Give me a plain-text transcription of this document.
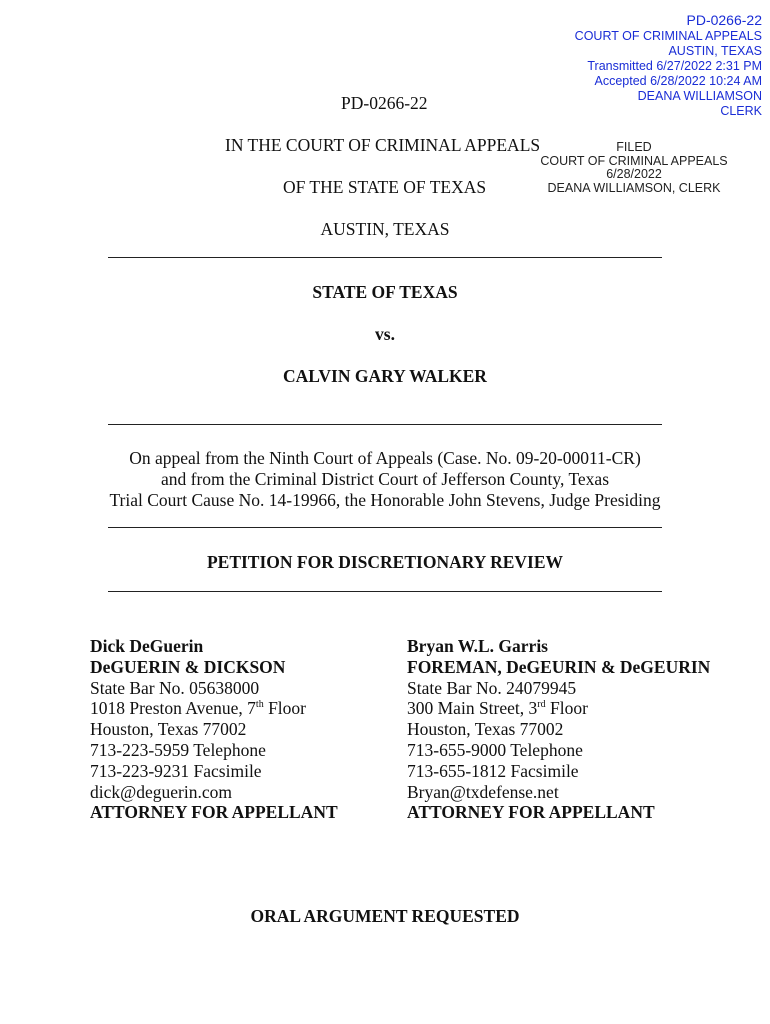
PD-0266-22
COURT OF CRIMINAL APPEALS
AUSTIN, TEXAS
Transmitted 6/27/2022 2:31 PM
Accepted 6/28/2022 10:24 AM
DEANA WILLIAMSON
CLERK
FILED
COURT OF CRIMINAL APPEALS
6/28/2022
DEANA WILLIAMSON, CLERK
PD-0266-22
IN THE COURT OF CRIMINAL APPEALS
OF THE STATE OF TEXAS
AUSTIN, TEXAS
STATE OF TEXAS
vs.
CALVIN GARY WALKER
On appeal from the Ninth Court of Appeals (Case. No. 09-20-00011-CR)
and from the Criminal District Court of Jefferson County, Texas
Trial Court Cause No. 14-19966, the Honorable John Stevens, Judge Presiding
PETITION FOR DISCRETIONARY REVIEW
Dick DeGuerin
DeGUERIN & DICKSON
State Bar No. 05638000
1018 Preston Avenue, 7th Floor
Houston, Texas 77002
713-223-5959 Telephone
713-223-9231 Facsimile
dick@deguerin.com
ATTORNEY FOR APPELLANT
Bryan W.L. Garris
FOREMAN, DeGEURIN & DeGEURIN
State Bar No. 24079945
300 Main Street, 3rd Floor
Houston, Texas 77002
713-655-9000 Telephone
713-655-1812 Facsimile
Bryan@txdefense.net
ATTORNEY FOR APPELLANT
ORAL ARGUMENT REQUESTED
